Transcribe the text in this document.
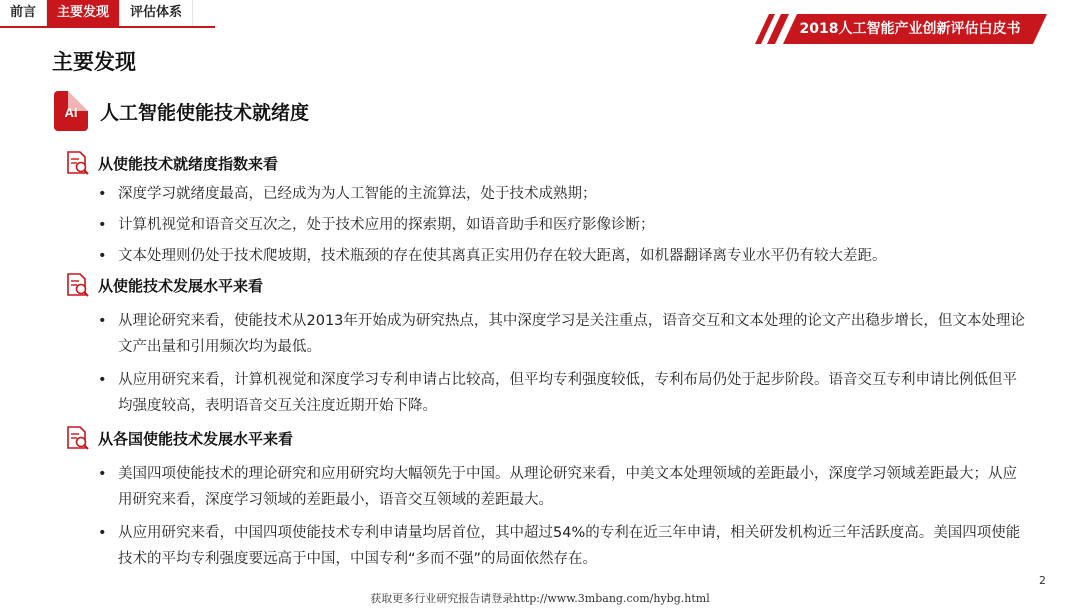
前言	主要发现	评估体系
2018人工智能产业创新评估白皮书
主要发现
AI	人工智能使能技术就绪度
从使能技术就绪度指数来看
• 深度学习就绪度最高，已经成为为人工智能的主流算法，处于技术成熟期；
• 计算机视觉和语音交互次之，处于技术应用的探索期，如语音助手和医疗影像诊断；
• 文本处理则仍处于技术爬坡期，技术瓶颈的存在使其离真正实用仍存在较大距离，如机器翻译离专业水平仍有较大差距。
从使能技术发展水平来看
• 从理论研究来看，使能技术从2013年开始成为研究热点，其中深度学习是关注重点，语音交互和文本处理的论文产出稳步增长，但文本处理论文产出量和引用频次均为最低。
• 从应用研究来看，计算机视觉和深度学习专利申请占比较高，但平均专利强度较低，专利布局仍处于起步阶段。语音交互专利申请比例低但平均强度较高，表明语音交互关注度近期开始下降。
从各国使能技术发展水平来看
• 美国四项使能技术的理论研究和应用研究均大幅领先于中国。从理论研究来看，中美文本处理领域的差距最小，深度学习领域差距最大；从应用研究来看，深度学习领域的差距最小，语音交互领域的差距最大。
• 从应用研究来看，中国四项使能技术专利申请量均居首位，其中超过54%的专利在近三年申请，相关研发机构近三年活跃度高。美国四项使能技术的平均专利强度要远高于中国，中国专利“多而不强”的局面依然存在。
2
获取更多行业研究报告请登录http://www.3mbang.com/hybg.html
